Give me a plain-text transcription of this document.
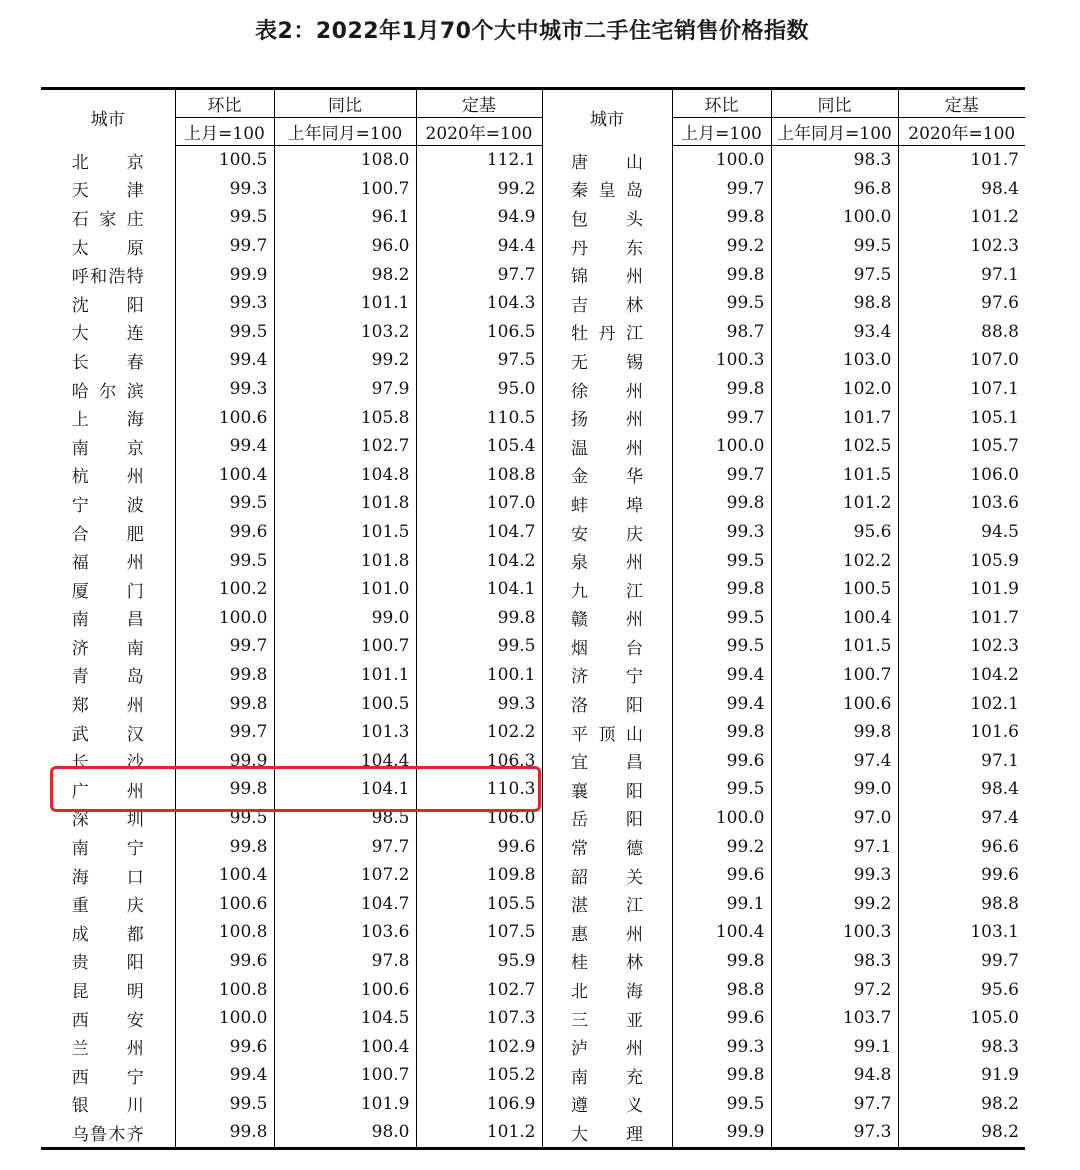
表2：2022年1月70个大中城市二手住宅销售价格指数
城市	环比	同比	定基	城市	环比	同比	定基
	上月=100	上年同月=100	2020年=100		上月=100	上年同月=100	2020年=100
北京	100.5	108.0	112.1	唐山	100.0	98.3	101.7
天津	99.3	100.7	99.2	秦皇岛	99.7	96.8	98.4
石家庄	99.5	96.1	94.9	包头	99.8	100.0	101.2
太原	99.7	96.0	94.4	丹东	99.2	99.5	102.3
呼和浩特	99.9	98.2	97.7	锦州	99.8	97.5	97.1
沈阳	99.3	101.1	104.3	吉林	99.5	98.8	97.6
大连	99.5	103.2	106.5	牡丹江	98.7	93.4	88.8
长春	99.4	99.2	97.5	无锡	100.3	103.0	107.0
哈尔滨	99.3	97.9	95.0	徐州	99.8	102.0	107.1
上海	100.6	105.8	110.5	扬州	99.7	101.7	105.1
南京	99.4	102.7	105.4	温州	100.0	102.5	105.7
杭州	100.4	104.8	108.8	金华	99.7	101.5	106.0
宁波	99.5	101.8	107.0	蚌埠	99.8	101.2	103.6
合肥	99.6	101.5	104.7	安庆	99.3	95.6	94.5
福州	99.5	101.8	104.2	泉州	99.5	102.2	105.9
厦门	100.2	101.0	104.1	九江	99.8	100.5	101.9
南昌	100.0	99.0	99.8	赣州	99.5	100.4	101.7
济南	99.7	100.7	99.5	烟台	99.5	101.5	102.3
青岛	99.8	101.1	100.1	济宁	99.4	100.7	104.2
郑州	99.8	100.5	99.3	洛阳	99.4	100.6	102.1
武汉	99.7	101.3	102.2	平顶山	99.8	99.8	101.6
长沙	99.9	104.4	106.3	宜昌	99.6	97.4	97.1
广州	99.8	104.1	110.3	襄阳	99.5	99.0	98.4
深圳	99.5	98.5	106.0	岳阳	100.0	97.0	97.4
南宁	99.8	97.7	99.6	常德	99.2	97.1	96.6
海口	100.4	107.2	109.8	韶关	99.6	99.3	99.6
重庆	100.6	104.7	105.5	湛江	99.1	99.2	98.8
成都	100.8	103.6	107.5	惠州	100.4	100.3	103.1
贵阳	99.6	97.8	95.9	桂林	99.8	98.3	99.7
昆明	100.8	100.6	102.7	北海	98.8	97.2	95.6
西安	100.0	104.5	107.3	三亚	99.6	103.7	105.0
兰州	99.6	100.4	102.9	泸州	99.3	99.1	98.3
西宁	99.4	100.7	105.2	南充	99.8	94.8	91.9
银川	99.5	101.9	106.9	遵义	99.5	97.7	98.2
乌鲁木齐	99.8	98.0	101.2	大理	99.9	97.3	98.2
